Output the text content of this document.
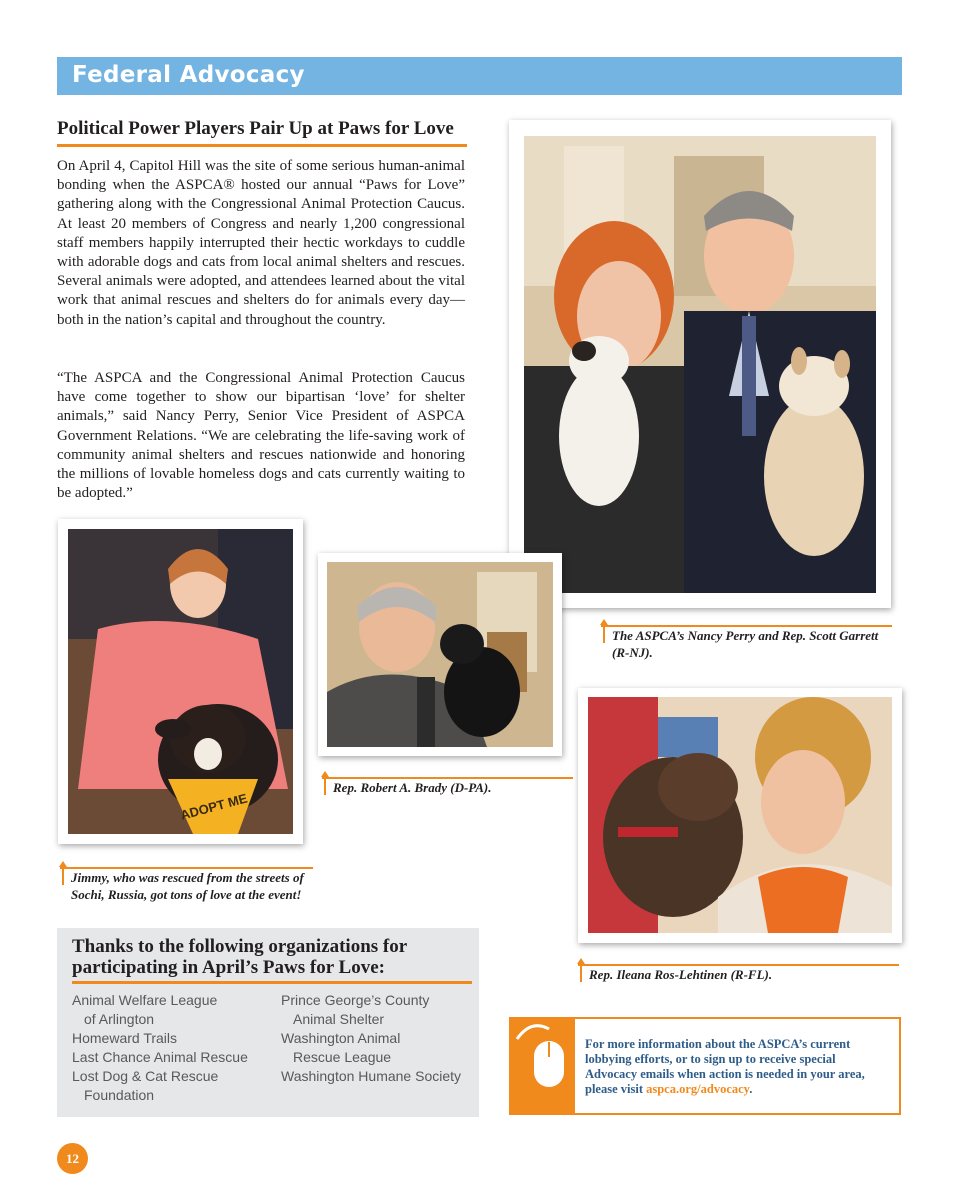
Federal Advocacy
Political Power Players Pair Up at Paws for Love

On April 4, Capitol Hill was the site of some serious human-animal bonding when the ASPCA® hosted our annual “Paws for Love” gathering along with the Congressional Animal Protection Caucus. At least 20 members of Congress and nearly 1,200 congressional staff members happily interrupted their hectic workdays to cuddle with adorable dogs and cats from local animal shelters and rescues. Several animals were adopted, and attendees learned about the vital work that animal rescues and shelters do for animals every day—both in the nation’s capital and throughout the country.

“The ASPCA and the Congressional Animal Protection Caucus have come together to show our bipartisan ‘love’ for shelter animals,” said Nancy Perry, Senior Vice President of ASPCA Government Relations. “We are celebrating the life-saving work of community animal shelters and rescues nationwide and honoring the millions of lovable homeless dogs and cats currently waiting to be adopted.”

The ASPCA’s Nancy Perry and Rep. Scott Garrett (R-NJ).
ADOPT ME
Jimmy, who was rescued from the streets of Sochi, Russia, got tons of love at the event!
Rep. Robert A. Brady (D-PA).
Rep. Ileana Ros-Lehtinen (R-FL).
Thanks to the following organizations for participating in April’s Paws for Love:

Animal Welfare League

of Arlington

Homeward Trails

Last Chance Animal Rescue

Lost Dog & Cat Rescue

Foundation

Prince George’s County

Animal Shelter

Washington Animal

Rescue League

Washington Humane Society

For more information about the ASPCA’s current lobbying efforts, or to sign up to receive special Advocacy emails when action is needed in your area, please visit aspca.org/advocacy.

12
